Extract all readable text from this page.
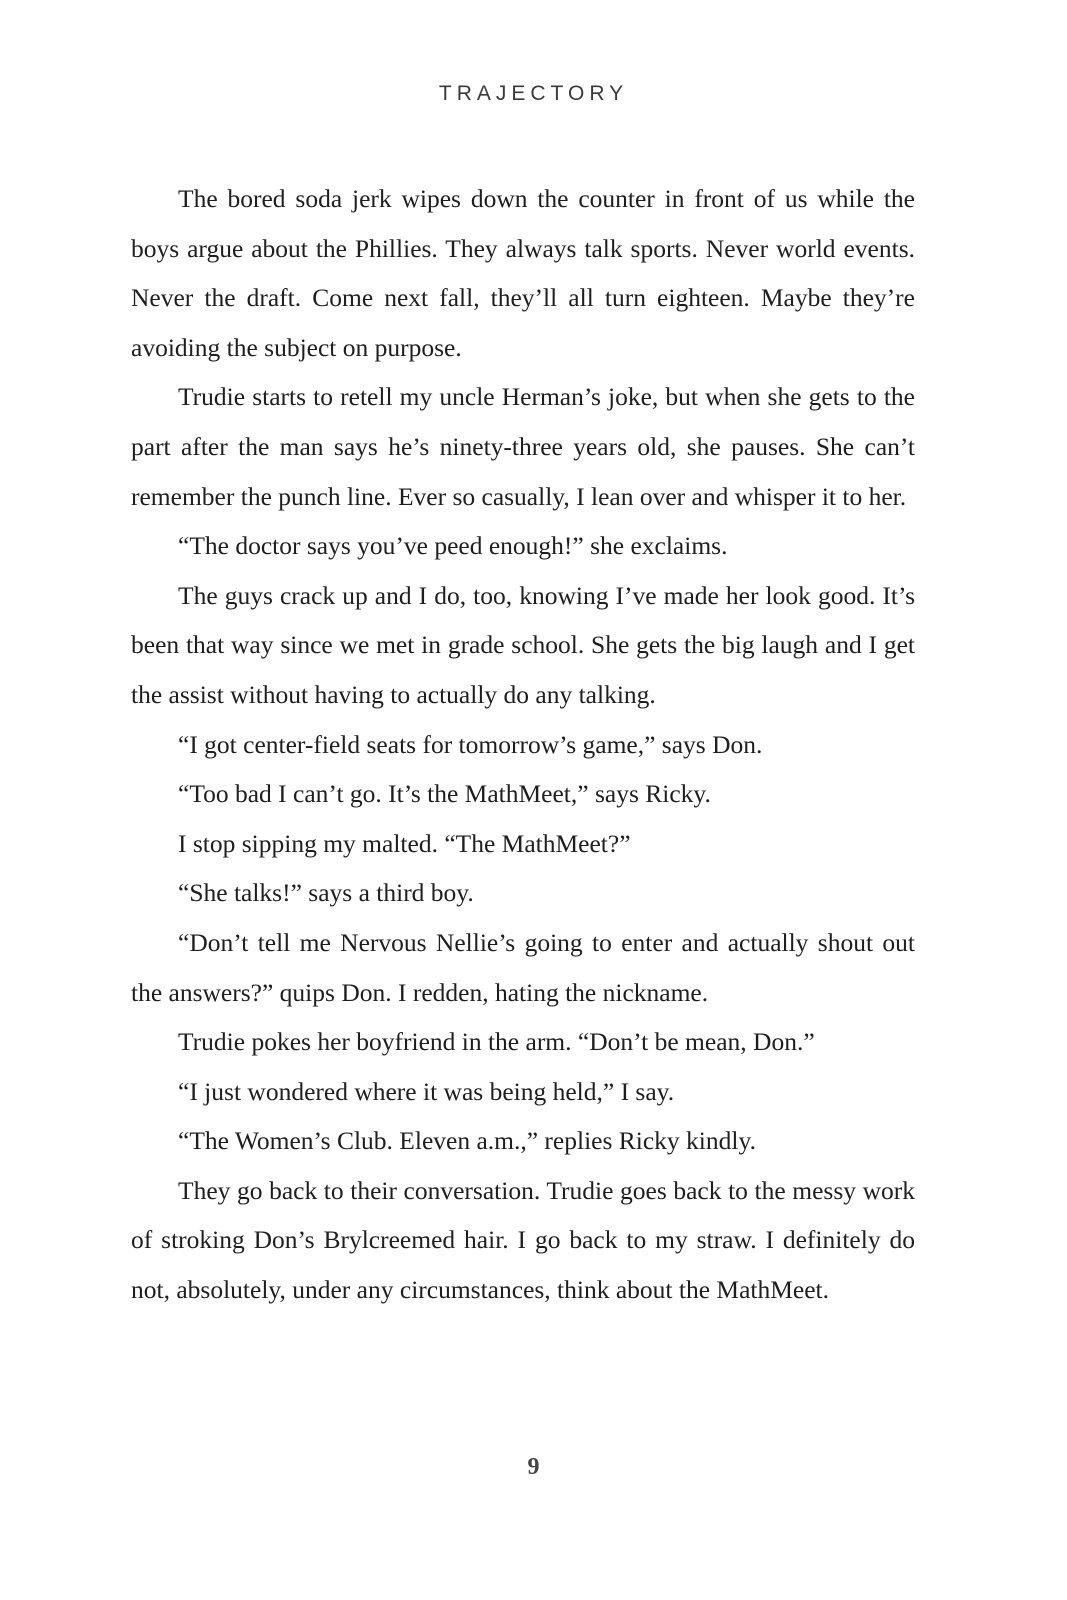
TRAJECTORY

The bored soda jerk wipes down the counter in front of us while the boys argue about the Phillies. They always talk sports. Never world events. Never the draft. Come next fall, they’ll all turn eighteen. Maybe they’re avoiding the subject on purpose.

Trudie starts to retell my uncle Herman’s joke, but when she gets to the part after the man says he’s ninety-three years old, she pauses. She can’t remember the punch line. Ever so casually, I lean over and whisper it to her.

“The doctor says you’ve peed enough!” she exclaims.

The guys crack up and I do, too, knowing I’ve made her look good. It’s been that way since we met in grade school. She gets the big laugh and I get the assist without having to actually do any talking.

“I got center-field seats for tomorrow’s game,” says Don.

“Too bad I can’t go. It’s the MathMeet,” says Ricky.

I stop sipping my malted. “The MathMeet?”

“She talks!” says a third boy.

“Don’t tell me Nervous Nellie’s going to enter and actually shout out the answers?” quips Don. I redden, hating the nickname.

Trudie pokes her boyfriend in the arm. “Don’t be mean, Don.”

“I just wondered where it was being held,” I say.

“The Women’s Club. Eleven a.m.,” replies Ricky kindly.

They go back to their conversation. Trudie goes back to the messy work of stroking Don’s Brylcreemed hair. I go back to my straw. I definitely do not, absolutely, under any circumstances, think about the MathMeet.

9
